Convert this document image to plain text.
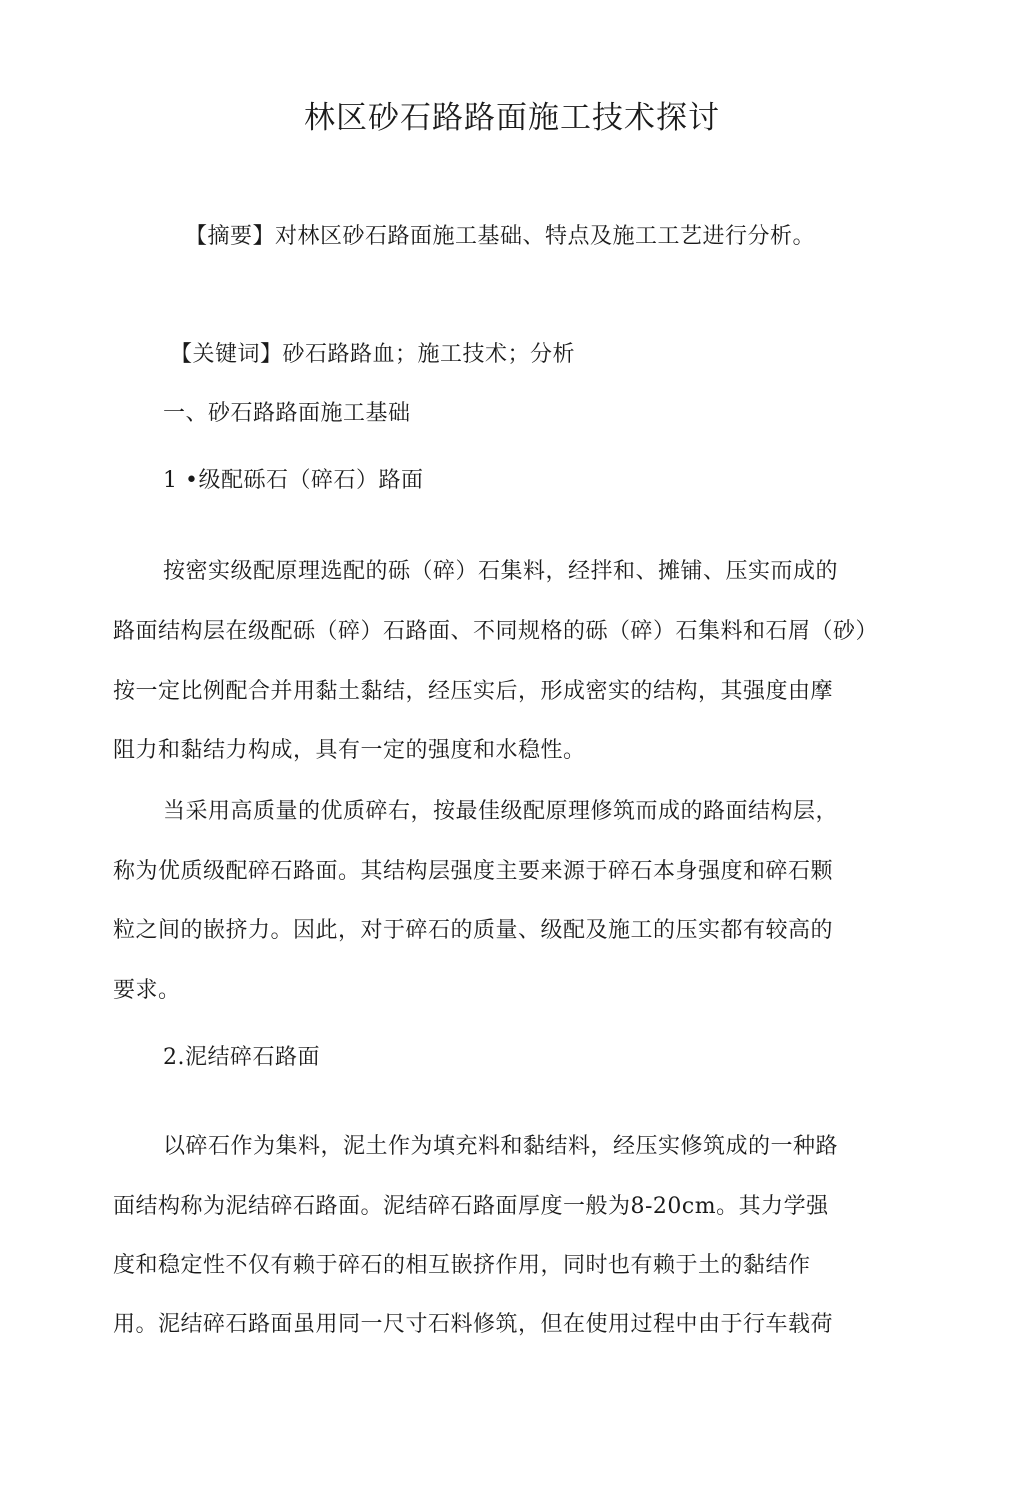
林区砂石路路面施工技术探讨
【摘要】对林区砂石路面施工基础、特点及施工工艺进行分析。
【关键词】砂石路路血；施工技术；分析
一、砂石路路面施工基础
1 •级配砾石（碎石）路面
按密实级配原理选配的砾（碎）石集料，经拌和、摊铺、压实而成的
路面结构层在级配砾（碎）石路面、不同规格的砾（碎）石集料和石屑（砂）
按一定比例配合并用黏土黏结，经压实后，形成密实的结构，其强度由摩
阻力和黏结力构成，具有一定的强度和水稳性。
当采用高质量的优质碎右，按最佳级配原理修筑而成的路面结构层，
称为优质级配碎石路面。其结构层强度主要来源于碎石本身强度和碎石颗
粒之间的嵌挤力。因此，对于碎石的质量、级配及施工的压实都有较高的
要求。
2.泥结碎石路面
以碎石作为集料，泥土作为填充料和黏结料，经压实修筑成的一种路
面结构称为泥结碎石路面。泥结碎石路面厚度一般为8-20cm。其力学强
度和稳定性不仅有赖于碎石的相互嵌挤作用，同时也有赖于土的黏结作
用。泥结碎石路面虽用同一尺寸石料修筑，但在使用过程中由于行车载荷
